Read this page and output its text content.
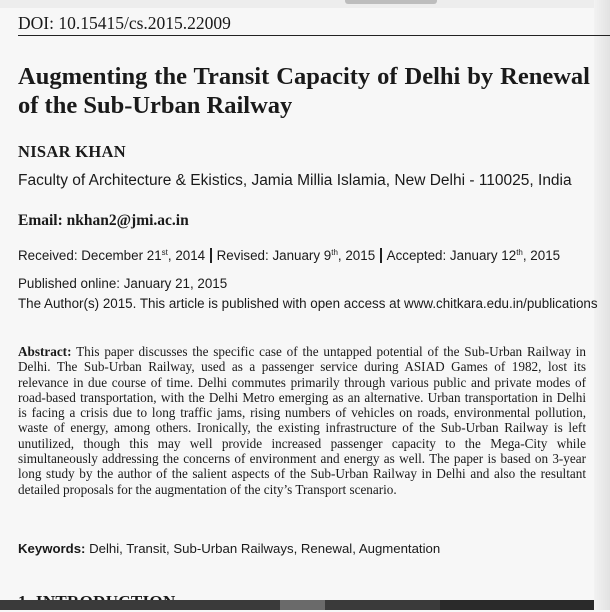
DOI: 10.15415/cs.2015.22009
Augmenting the Transit Capacity of Delhi by Renewal of the Sub-Urban Railway
NISAR KHAN
Faculty of Architecture & Ekistics, Jamia Millia Islamia, New Delhi - 110025, India
Email: nkhan2@jmi.ac.in
Received: December 21st, 2014 Revised: January 9th, 2015 Accepted: January 12th, 2015
Published online: January 21, 2015
The Author(s) 2015. This article is published with open access at www.chitkara.edu.in/publications
Abstract: This paper discusses the specific case of the untapped potential of the Sub-Urban Railway in Delhi. The Sub-Urban Railway, used as a passenger service during ASIAD Games of 1982, lost its relevance in due course of time. Delhi commutes primarily through various public and private modes of road-based transportation, with the Delhi Metro emerging as an alternative. Urban transportation in Delhi is facing a crisis due to long traffic jams, rising numbers of vehicles on roads, environmental pollution, waste of energy, among others. Ironically, the existing infrastructure of the Sub-Urban Railway is left unutilized, though this may well provide increased passenger capacity to the Mega-City while simultaneously addressing the concerns of environment and energy as well. The paper is based on 3-year long study by the author of the salient aspects of the Sub-Urban Railway in Delhi and also the resultant detailed proposals for the augmentation of the city’s Transport scenario.
Keywords: Delhi, Transit, Sub-Urban Railways, Renewal, Augmentation
